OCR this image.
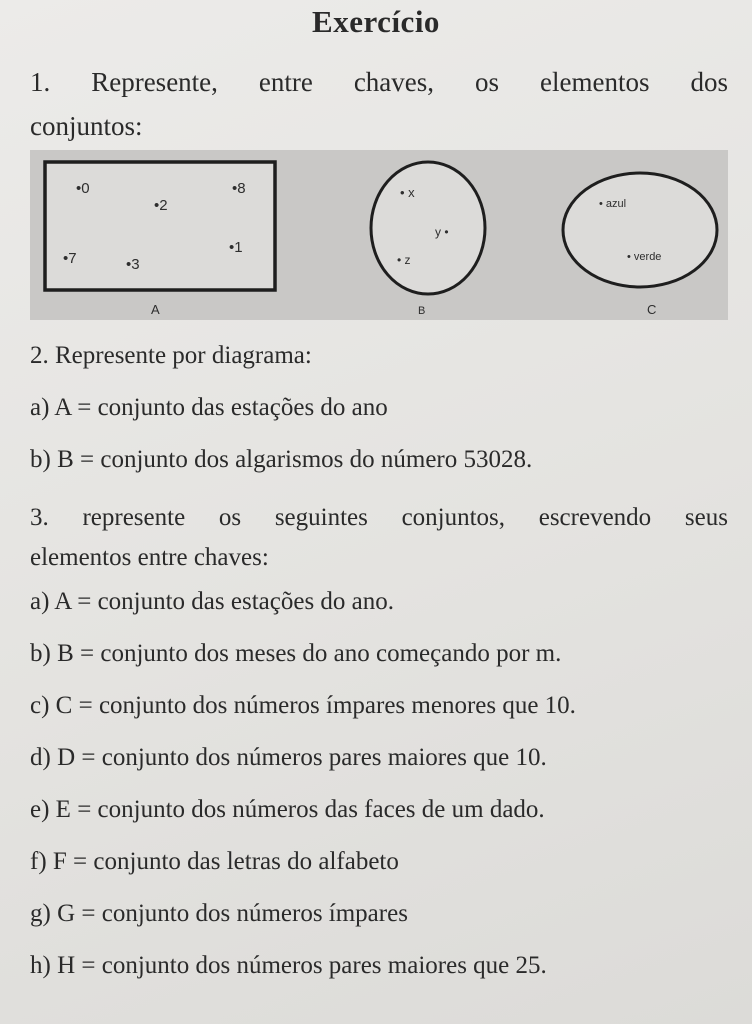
Exercício
1. Represente, entre chaves, os elementos dos
conjuntos:
•0
•2
•8
•7	•3
•1
A
• x
y •
• z
B
• azul
• verde
C
2. Represente por diagrama:
a) A = conjunto das estações do ano
b) B = conjunto dos algarismos do número 53028.
3. represente os seguintes conjuntos, escrevendo seus
elementos entre chaves:
a) A = conjunto das estações do ano.
b) B = conjunto dos meses do ano começando por m.
c) C = conjunto dos números ímpares menores que 10.
d) D = conjunto dos números pares maiores que 10.
e) E = conjunto dos números das faces de um dado.
f) F = conjunto das letras do alfabeto
g) G = conjunto dos números ímpares
h) H = conjunto dos números pares maiores que 25.
